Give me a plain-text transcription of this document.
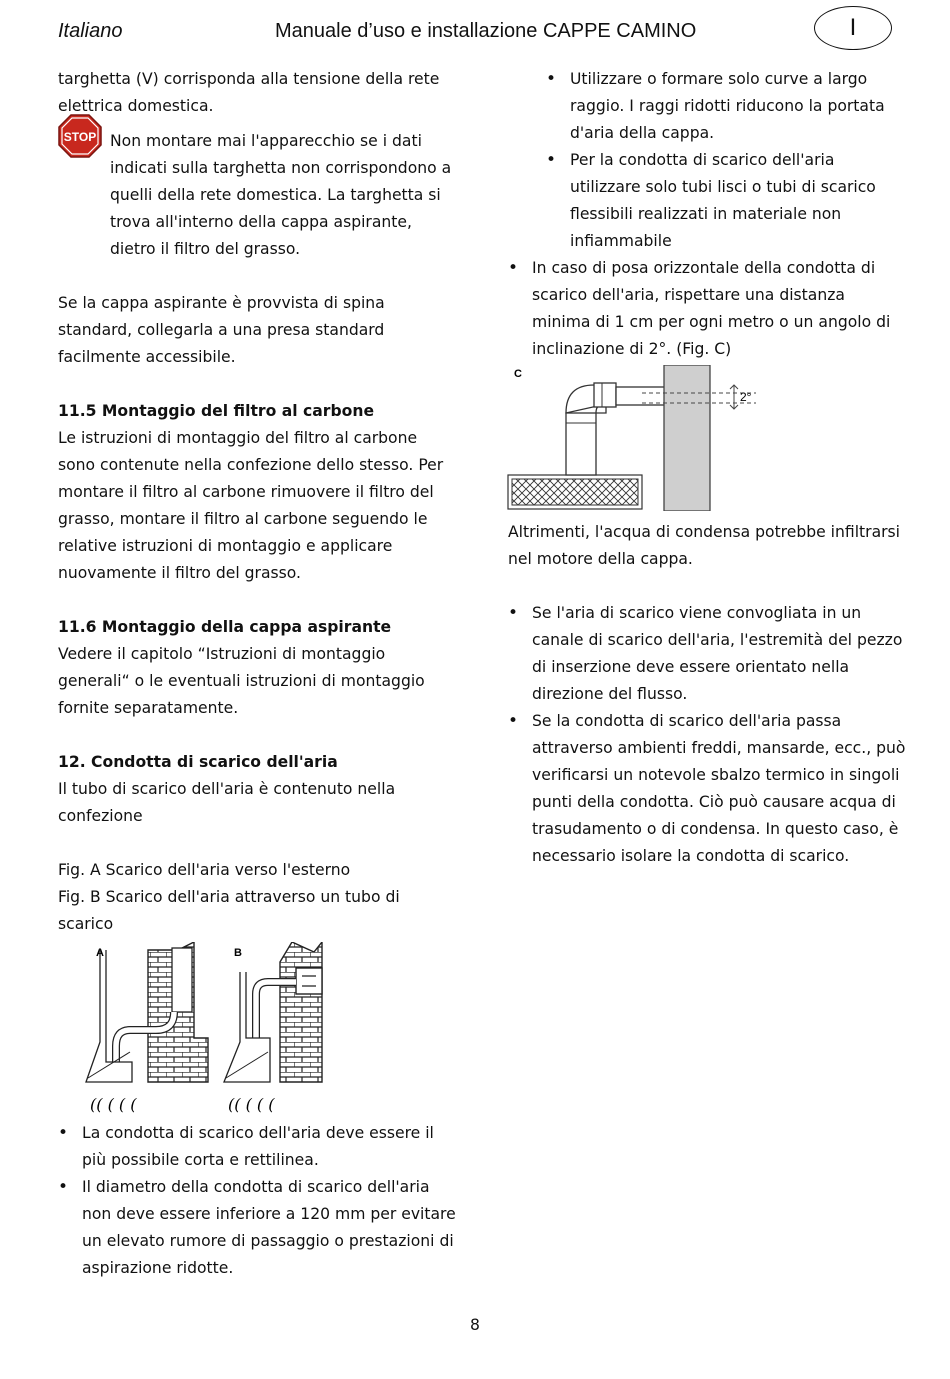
Italiano	Manuale d’uso e installazione CAPPE CAMINO	I

targhetta (V) corrisponda alla tensione della rete elettrica domestica.

STOP Non montare mai l'apparecchio se i dati indicati sulla targhetta non corrispondono a quelli della rete domestica. La targhetta si trova all'interno della cappa aspirante, dietro il filtro del grasso.

Se la cappa aspirante è provvista di spina standard, collegarla a una presa standard facilmente accessibile.

11.5 Montaggio del filtro al carbone

Le istruzioni di montaggio del filtro al carbone sono contenute nella confezione dello stesso. Per montare il filtro al carbone rimuovere il filtro del grasso, montare il filtro al carbone seguendo le relative istruzioni di montaggio e applicare nuovamente il filtro del grasso.

11.6 Montaggio della cappa aspirante

Vedere il capitolo “Istruzioni di montaggio generali“ o le eventuali istruzioni di montaggio fornite separatamente.

12. Condotta di scarico dell'aria

Il tubo di scarico dell'aria è contenuto nella confezione

Fig. A Scarico dell'aria verso l'esterno

Fig. B Scarico dell'aria attraverso un tubo di scarico

A
(( ( ( (
B
(( ( ( (
• La condotta di scarico dell'aria deve essere il più possibile corta e rettilinea.
• Il diametro della condotta di scarico dell'aria non deve essere inferiore a 120 mm per evitare un elevato rumore di passaggio o prestazioni di aspirazione ridotte.
• Utilizzare o formare solo curve a largo raggio. I raggi ridotti riducono la portata d'aria della cappa.
• Per la condotta di scarico dell'aria utilizzare solo tubi lisci o tubi di scarico flessibili realizzati in materiale non infiammabile
• In caso di posa orizzontale della condotta di scarico dell'aria, rispettare una distanza minima di 1 cm per ogni metro o un angolo di inclinazione di 2°. (Fig. C)
C
2°

Altrimenti, l'acqua di condensa potrebbe infiltrarsi nel motore della cappa.

• Se l'aria di scarico viene convogliata in un canale di scarico dell'aria, l'estremità del pezzo di inserzione deve essere orientato nella direzione del flusso.
• Se la condotta di scarico dell'aria passa attraverso ambienti freddi, mansarde, ecc., può verificarsi un notevole sbalzo termico in singoli punti della condotta. Ciò può causare acqua di trasudamento o di condensa. In questo caso, è necessario isolare la condotta di scarico.
8
